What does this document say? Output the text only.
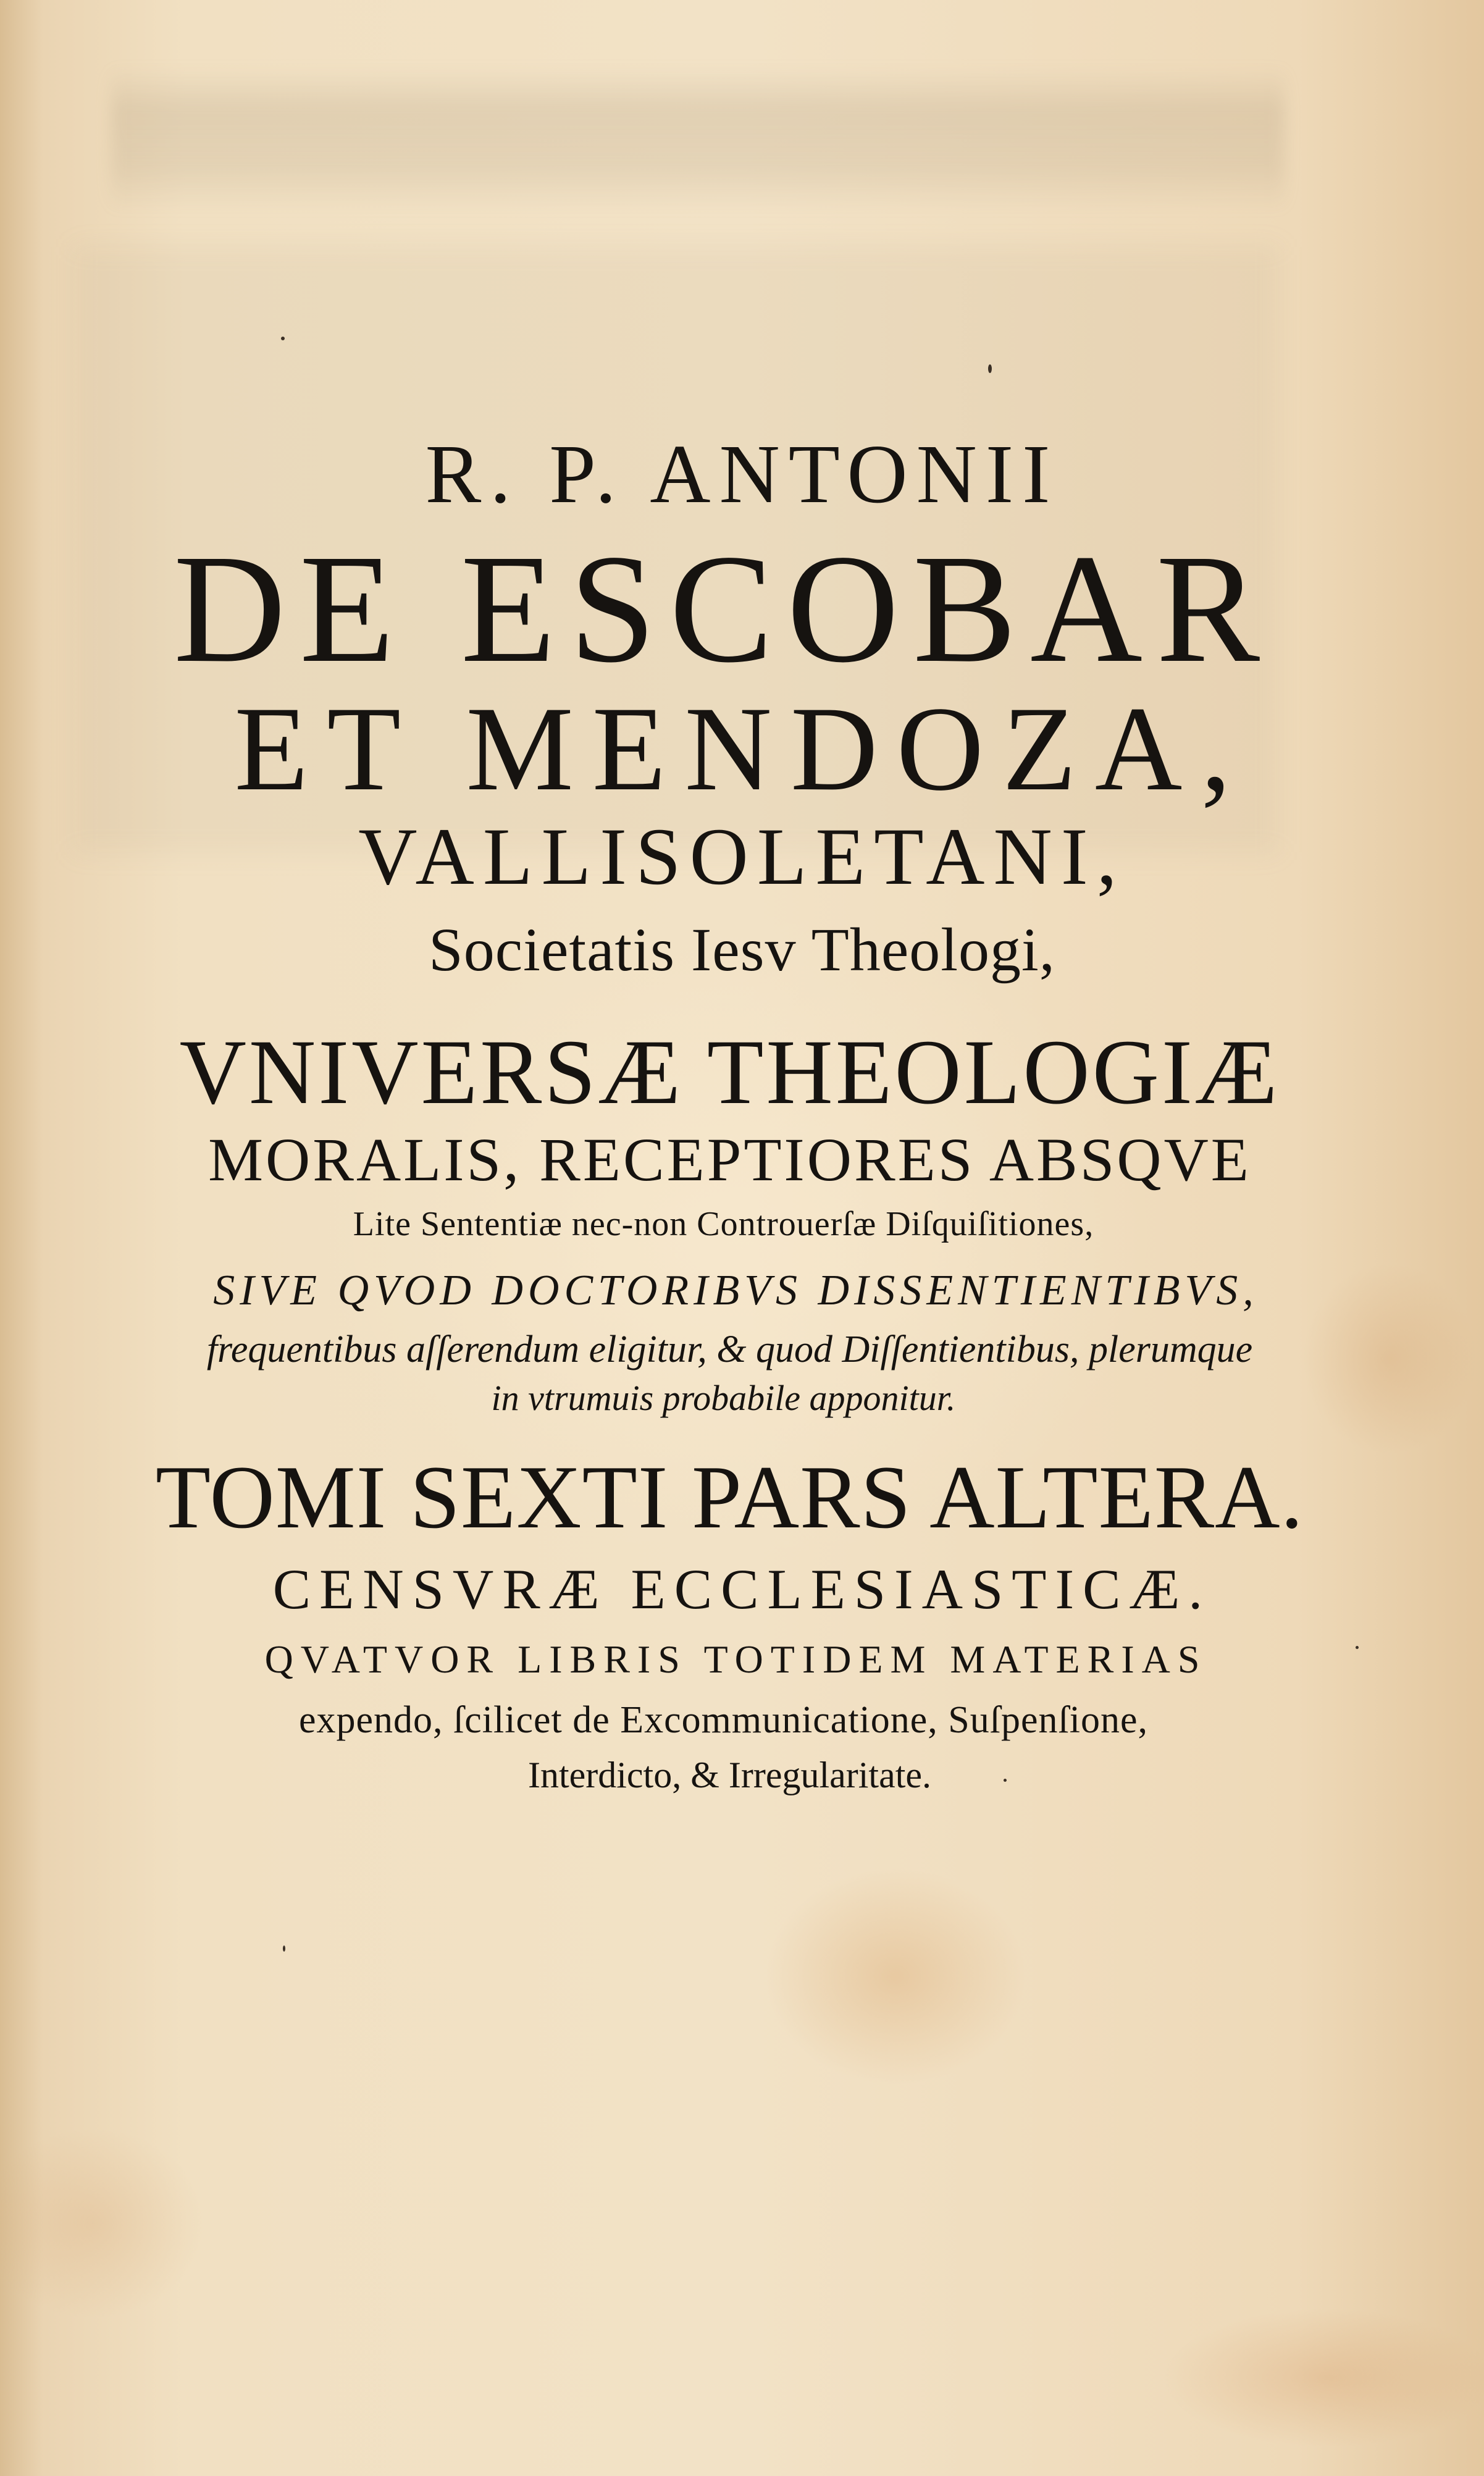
R. P. ANTONII
DE ESCOBAR
ET MENDOZA,
VALLISOLETANI,
Societatis Iesv Theologi,
VNIVERSÆ THEOLOGIÆ
MORALIS, RECEPTIORES ABSQVE
Lite Sententiæ nec-non Controuerſæ Diſquiſitiones,
SIVE QVOD DOCTORIBVS DISSENTIENTIBVS,
frequentibus aſſerendum eligitur, & quod Diſſentientibus, plerumque
in vtrumuis probabile apponitur.
TOMI SEXTI PARS ALTERA.
CENSVRÆ ECCLESIASTICÆ.
QVATVOR LIBRIS TOTIDEM MATERIAS
expendo, ſcilicet de Excommunicatione, Suſpenſione,
Interdicto, & Irregularitate.
